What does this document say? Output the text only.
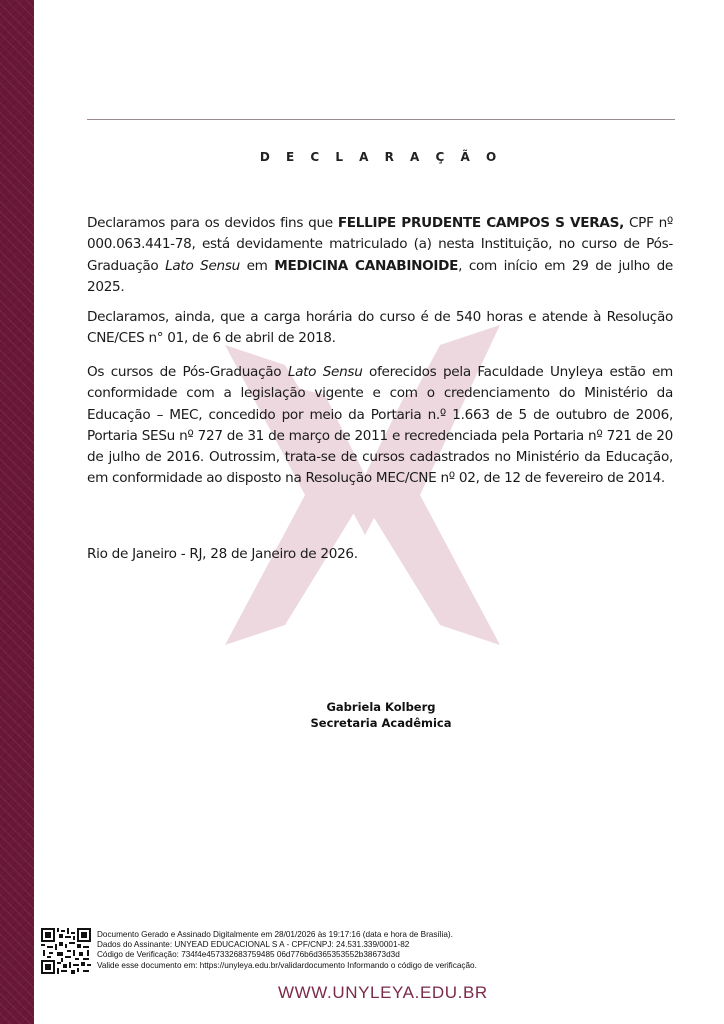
D E C L A R A Ç Ã O

Declaramos para os devidos fins que FELLIPE PRUDENTE CAMPOS S VERAS, CPF nº 000.063.441-78, está devidamente matriculado (a) nesta Instituição, no curso de Pós-Graduação Lato Sensu em MEDICINA CANABINOIDE, com início em 29 de julho de 2025.

Declaramos, ainda, que a carga horária do curso é de 540 horas e atende à Resolução CNE/CES n° 01, de 6 de abril de 2018.

Os cursos de Pós-Graduação Lato Sensu oferecidos pela Faculdade Unyleya estão em conformidade com a legislação vigente e com o credenciamento do Ministério da Educação – MEC, concedido por meio da Portaria n.º 1.663 de 5 de outubro de 2006, Portaria SESu nº 727 de 31 de março de 2011 e recredenciada pela Portaria nº 721 de 20 de julho de 2016. Outrossim, trata-se de cursos cadastrados no Ministério da Educação, em conformidade ao disposto na Resolução MEC/CNE nº 02, de 12 de fevereiro de 2014.

Rio de Janeiro - RJ, 28 de Janeiro de 2026.

Gabriela Kolberg
Secretaria Acadêmica
Documento Gerado e Assinado Digitalmente em 28/01/2026 às 19:17:16 (data e hora de Brasília).
Dados do Assinante: UNYEAD EDUCACIONAL S A - CPF/CNPJ: 24.531.339/0001-82
Código de Verificação: 734f4e457332683759485 06d776b6d365353552b38673d3d
Valide esse documento em: https://unyleya.edu.br/validardocumento Informando o código de verificação.
WWW.UNYLEYA.EDU.BR
